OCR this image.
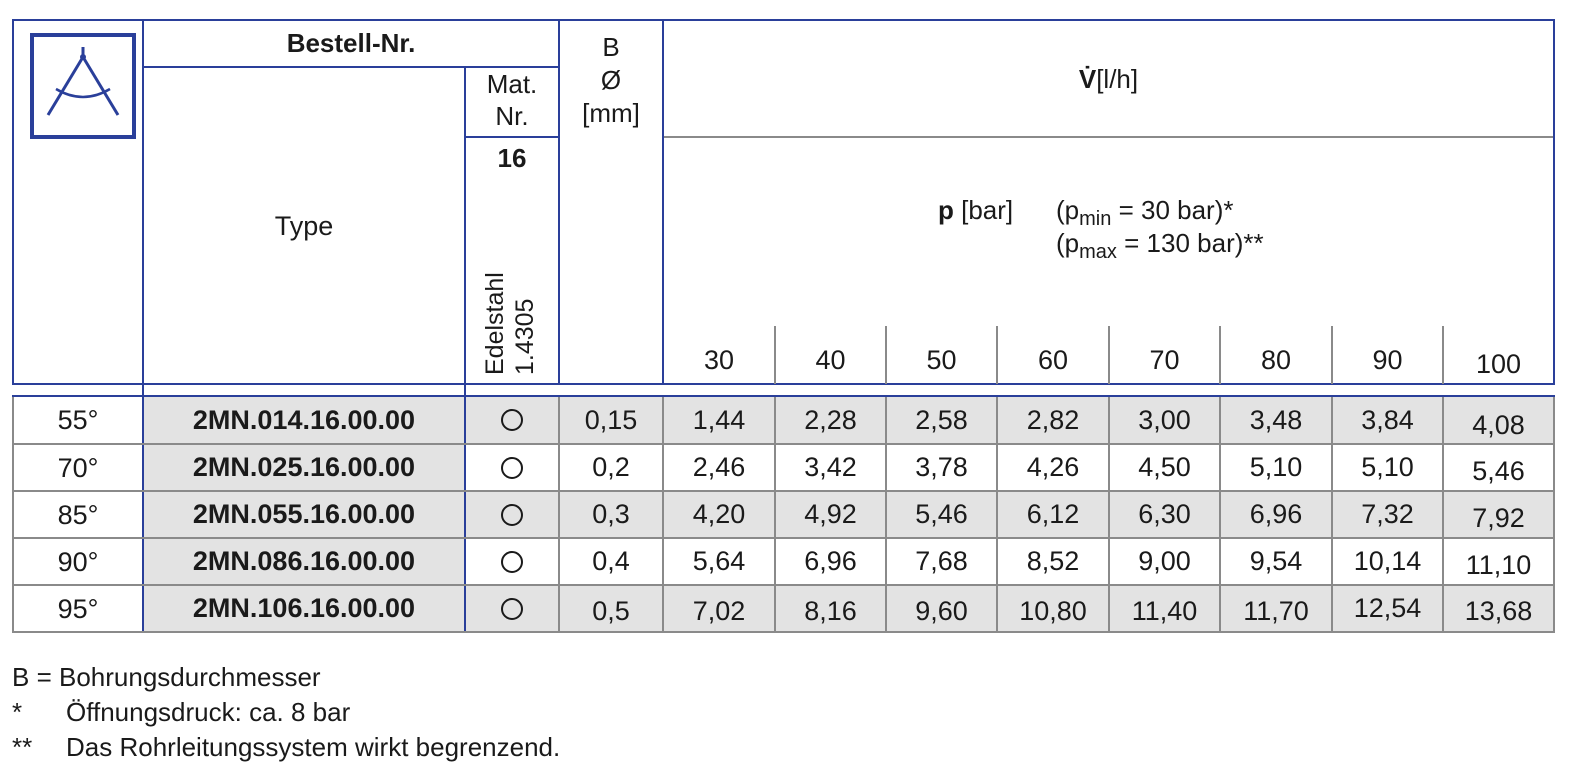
Bestell-Nr.
Type
Mat.
Nr.
16
Edelstahl 1.4305
B
Ø
[mm]
V̇ [l/h]
p [bar] ($p_{min} = 30$ bar)*
($p_{max} = 130$ bar)**
30	40	50	60	70	80	90	100
55°	2MN.014.16.00.00	0,15	1,44	2,28	2,58	2,82	3,00	3,48	3,84	4,08
70°	2MN.025.16.00.00	0,2	2,46	3,42	3,78	4,26	4,50	5,10	5,10	5,46
85°	2MN.055.16.00.00	0,3	4,20	4,92	5,46	6,12	6,30	6,96	7,32	7,92
90°	2MN.086.16.00.00	0,4	5,64	6,96	7,68	8,52	9,00	9,54	10,14	11,10
95°	2MN.106.16.00.00	0,5	7,02	8,16	9,60	10,80	11,40	11,70	12,54	13,68
B = Bohrungsdurchmesser
* Öffnungsdruck: ca. 8 bar
** Das Rohrleitungssystem wirkt begrenzend.
